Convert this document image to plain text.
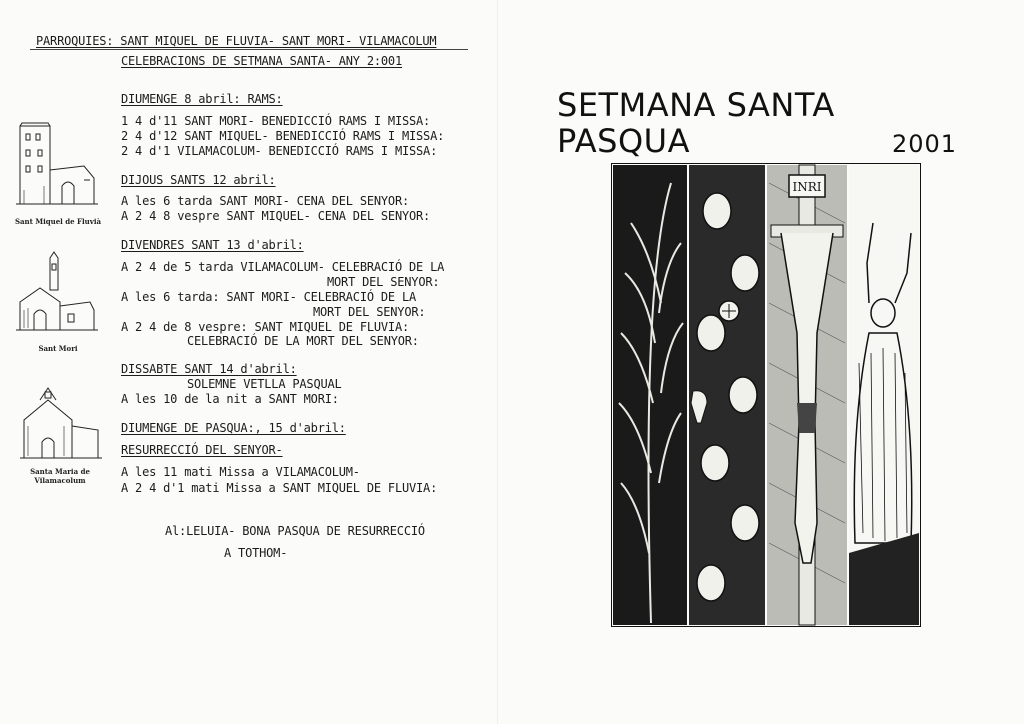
PARROQUIES: SANT MIQUEL DE FLUVIA- SANT MORI- VILAMACOLUM
CELEBRACIONS DE SETMANA SANTA- ANY 2:001
DIUMENGE 8 abril: RAMS:
1 4 d'11 SANT MORI- BENEDICCIÓ RAMS I MISSA:
2 4 d'12 SANT MIQUEL- BENEDICCIÓ RAMS I MISSA:
2 4 d'1 VILAMACOLUM- BENEDICCIÓ RAMS I MISSA:
DIJOUS SANTS 12 abril:
A les 6 tarda SANT MORI- CENA DEL SENYOR:
A 2 4 8 vespre SANT MIQUEL- CENA DEL SENYOR:
DIVENDRES SANT 13 d'abril:
A 2 4 de 5 tarda VILAMACOLUM- CELEBRACIÓ DE LA
MORT DEL SENYOR:
A les 6 tarda: SANT MORI- CELEBRACIÓ DE LA
MORT DEL SENYOR:
A 2 4 de 8 vespre: SANT MIQUEL DE FLUVIA:
CELEBRACIÓ DE LA MORT DEL SENYOR:
DISSABTE SANT 14 d'abril:
SOLEMNE VETLLA PASQUAL
A les 10 de la nit a SANT MORI:
DIUMENGE DE PASQUA:, 15 d'abril:
RESURRECCIÓ DEL SENYOR-
A les 11 mati Missa a VILAMACOLUM-
A 2 4 d'1 mati Missa a SANT MIQUEL DE FLUVIA:
Al:LELUIA- BONA PASQUA DE RESURRECCIÓ
A TOTHOM-
Sant Miquel de Fluvià
Sant Mori
Santa Maria de
Vilamacolum
SETMANA SANTA
PASQUA	2001
INRI
